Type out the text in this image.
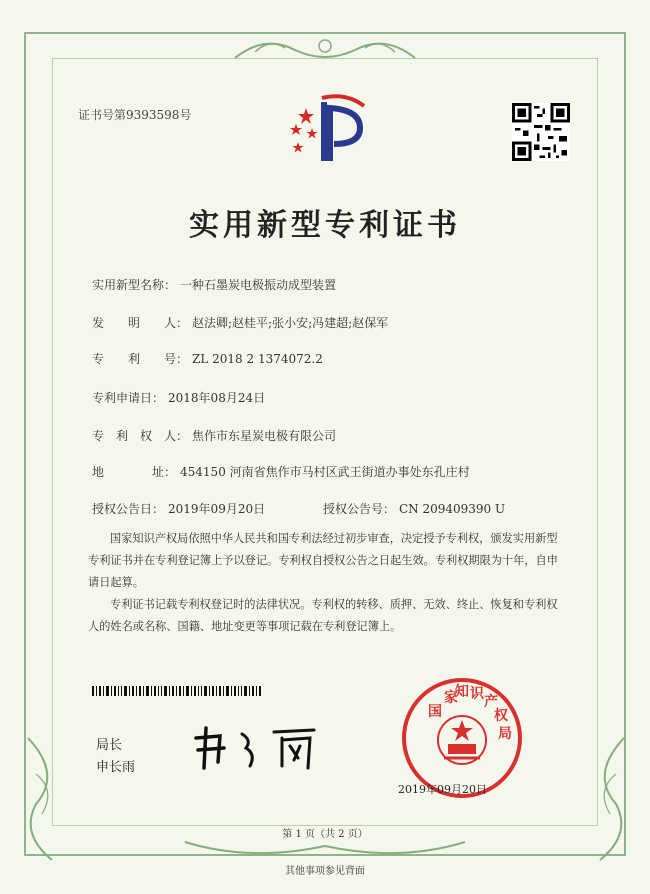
证书号第9393598号
实用新型专利证书
实用新型名称： 一种石墨炭电极振动成型装置
发　　明　　人： 赵法卿;赵桂平;张小安;冯建超;赵保军
专　　利　　号： ZL 2018 2 1374072.2
专利申请日： 2018年08月24日
专　利　权　人： 焦作市东星炭电极有限公司
地　　　　址： 454150 河南省焦作市马村区武王街道办事处东孔庄村
授权公告日： 2019年09月20日	授权公告号： CN 209409390 U
国家知识产权局依照中华人民共和国专利法经过初步审查，决定授予专利权，颁发实用新型专利证书并在专利登记簿上予以登记。专利权自授权公告之日起生效。专利权期限为十年，自申请日起算。
专利证书记载专利权登记时的法律状况。专利权的转移、质押、无效、终止、恢复和专利权人的姓名或名称、国籍、地址变更等事项记载在专利登记簿上。
局长
申长雨
国
家
知 识 产
权
局
2019年09月20日
第 1 页（共 2 页）
其他事项参见背面
